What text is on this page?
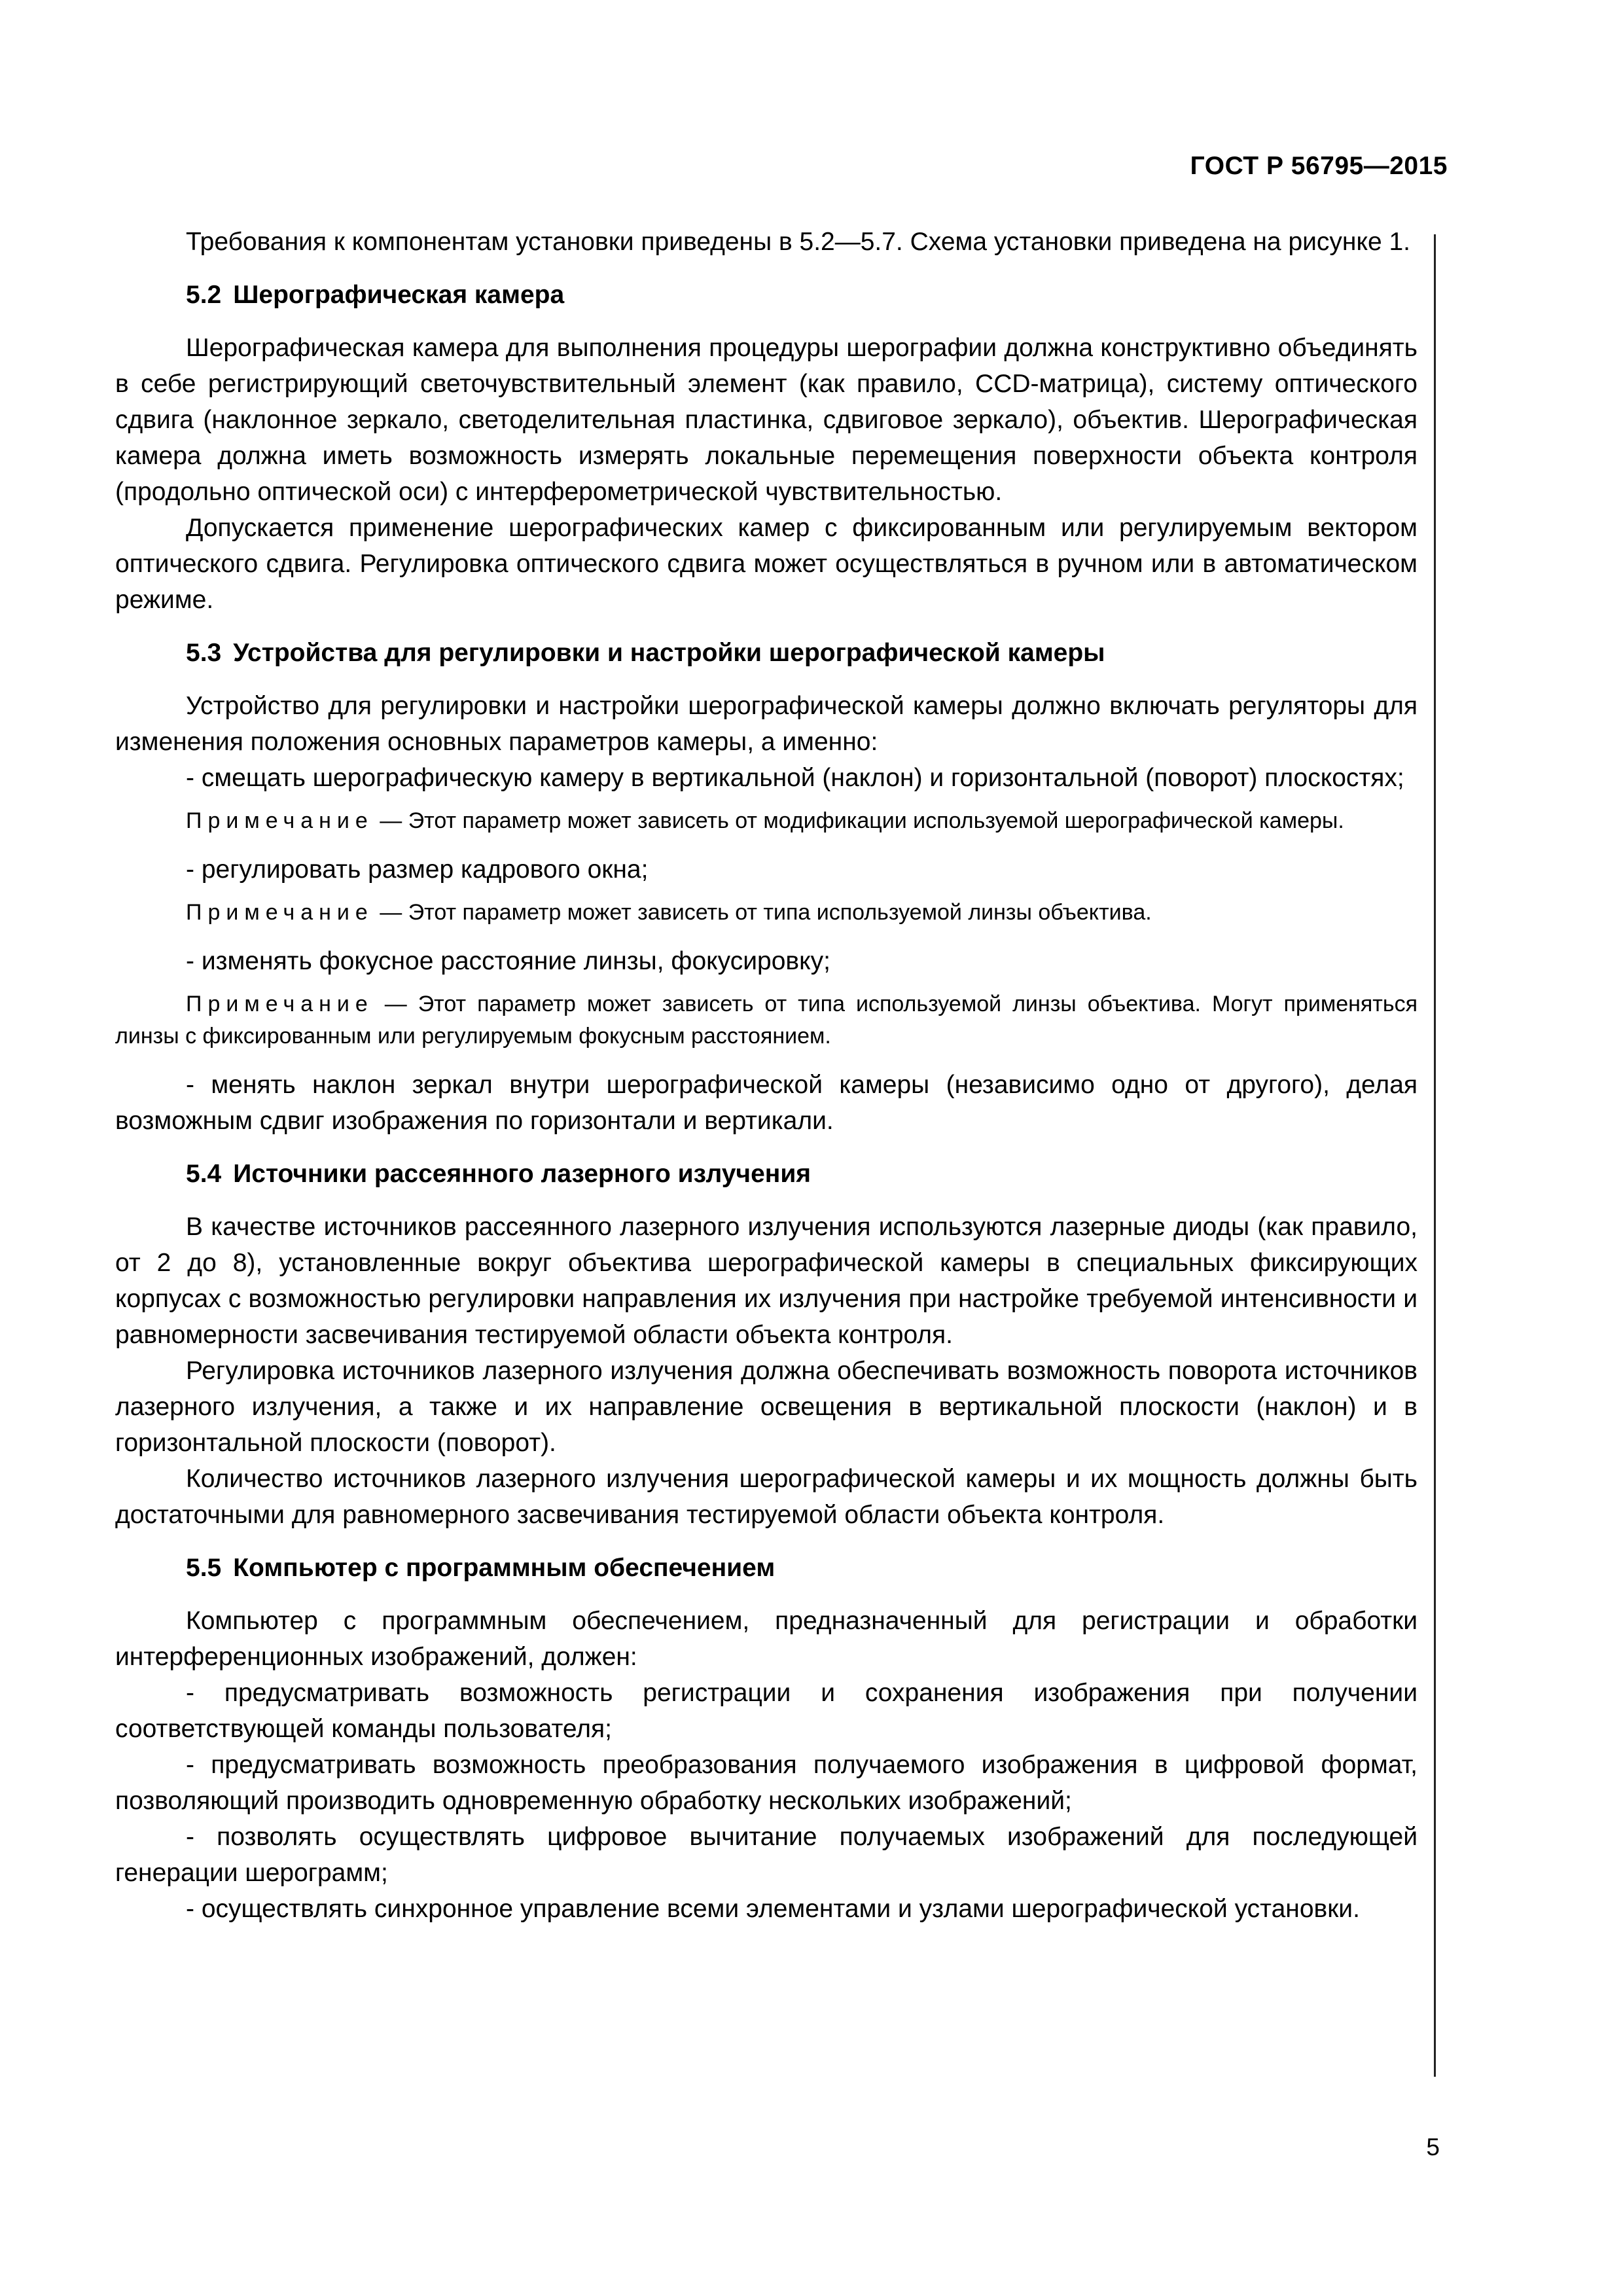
ГОСТ Р 56795—2015

Требования к компонентам установки приведены в 5.2—5.7. Схема установки приведена на рисунке 1.

5.2 Шерографическая камера

Шерографическая камера для выполнения процедуры шерографии должна конструктивно объединять в себе регистрирующий светочувствительный элемент (как правило, CCD-матрица), систему оптического сдвига (наклонное зеркало, светоделительная пластинка, сдвиговое зеркало), объектив. Шерографическая камера должна иметь возможность измерять локальные перемещения поверхности объекта контроля (продольно оптической оси) с интерферометрической чувствительностью.

Допускается применение шерографических камер с фиксированным или регулируемым вектором оптического сдвига. Регулировка оптического сдвига может осуществляться в ручном или в автоматическом режиме.

5.3 Устройства для регулировки и настройки шерографической камеры

Устройство для регулировки и настройки шерографической камеры должно включать регуляторы для изменения положения основных параметров камеры, а именно:

- смещать шерографическую камеру в вертикальной (наклон) и горизонтальной (поворот) плоскостях;

Примечание — Этот параметр может зависеть от модификации используемой шерографической камеры.

- регулировать размер кадрового окна;

Примечание — Этот параметр может зависеть от типа используемой линзы объектива.

- изменять фокусное расстояние линзы, фокусировку;

Примечание — Этот параметр может зависеть от типа используемой линзы объектива. Могут применяться линзы с фиксированным или регулируемым фокусным расстоянием.

- менять наклон зеркал внутри шерографической камеры (независимо одно от другого), делая возможным сдвиг изображения по горизонтали и вертикали.

5.4 Источники рассеянного лазерного излучения

В качестве источников рассеянного лазерного излучения используются лазерные диоды (как правило, от 2 до 8), установленные вокруг объектива шерографической камеры в специальных фиксирующих корпусах с возможностью регулировки направления их излучения при настройке требуемой интенсивности и равномерности засвечивания тестируемой области объекта контроля.

Регулировка источников лазерного излучения должна обеспечивать возможность поворота источников лазерного излучения, а также и их направление освещения в вертикальной плоскости (наклон) и в горизонтальной плоскости (поворот).

Количество источников лазерного излучения шерографической камеры и их мощность должны быть достаточными для равномерного засвечивания тестируемой области объекта контроля.

5.5 Компьютер с программным обеспечением

Компьютер с программным обеспечением, предназначенный для регистрации и обработки интерференционных изображений, должен:

- предусматривать возможность регистрации и сохранения изображения при получении соответствующей команды пользователя;

- предусматривать возможность преобразования получаемого изображения в цифровой формат, позволяющий производить одновременную обработку нескольких изображений;

- позволять осуществлять цифровое вычитание получаемых изображений для последующей генерации шерограмм;

- осуществлять синхронное управление всеми элементами и узлами шерографической установки.

5
